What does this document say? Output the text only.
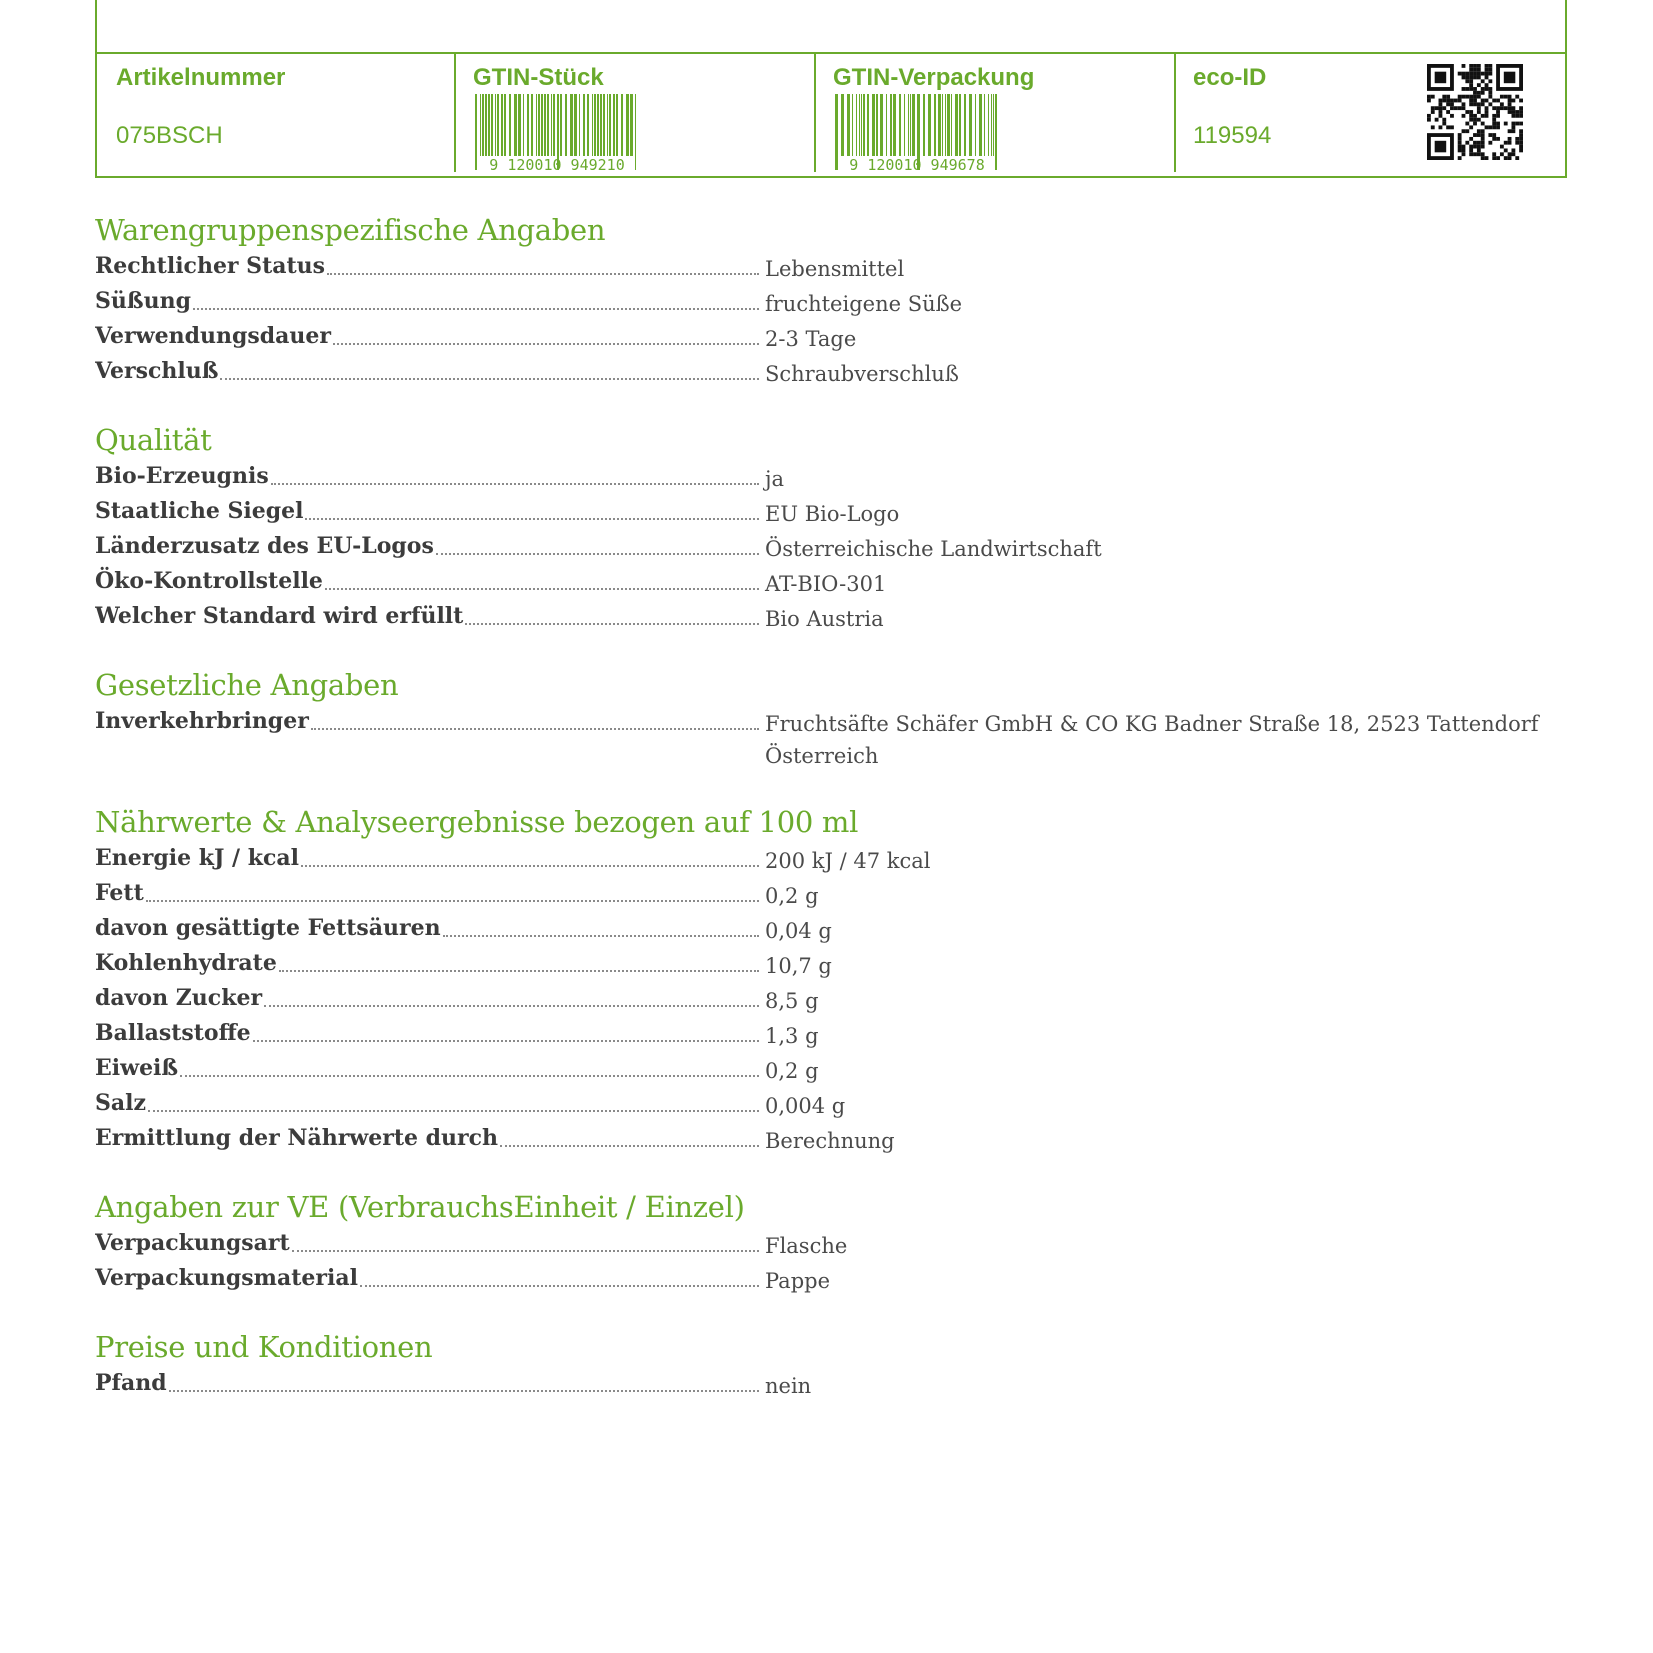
Artikelnummer
075BSCH
GTIN-Stück
9 120010 949210
GTIN-Verpackung
9 120010 949678
eco-ID
119594
Warengruppenspezifische Angaben
Rechtlicher Status	Lebensmittel
Süßung	fruchteigene Süße
Verwendungsdauer	2-3 Tage
Verschluß	Schraubverschluß
Qualität
Bio-Erzeugnis	ja
Staatliche Siegel	EU Bio-Logo
Länderzusatz des EU-Logos	Österreichische Landwirtschaft
Öko-Kontrollstelle	AT-BIO-301
Welcher Standard wird erfüllt	Bio Austria
Gesetzliche Angaben
Inverkehrbringer	Fruchtsäfte Schäfer GmbH & CO KG Badner Straße 18, 2523 Tattendorf Österreich
Nährwerte & Analyseergebnisse bezogen auf 100 ml
Energie kJ / kcal	200 kJ / 47 kcal
Fett	0,2 g
davon gesättigte Fettsäuren	0,04 g
Kohlenhydrate	10,7 g
davon Zucker	8,5 g
Ballaststoffe	1,3 g
Eiweiß	0,2 g
Salz	0,004 g
Ermittlung der Nährwerte durch	Berechnung
Angaben zur VE (VerbrauchsEinheit / Einzel)
Verpackungsart	Flasche
Verpackungsmaterial	Pappe
Preise und Konditionen
Pfand	nein
